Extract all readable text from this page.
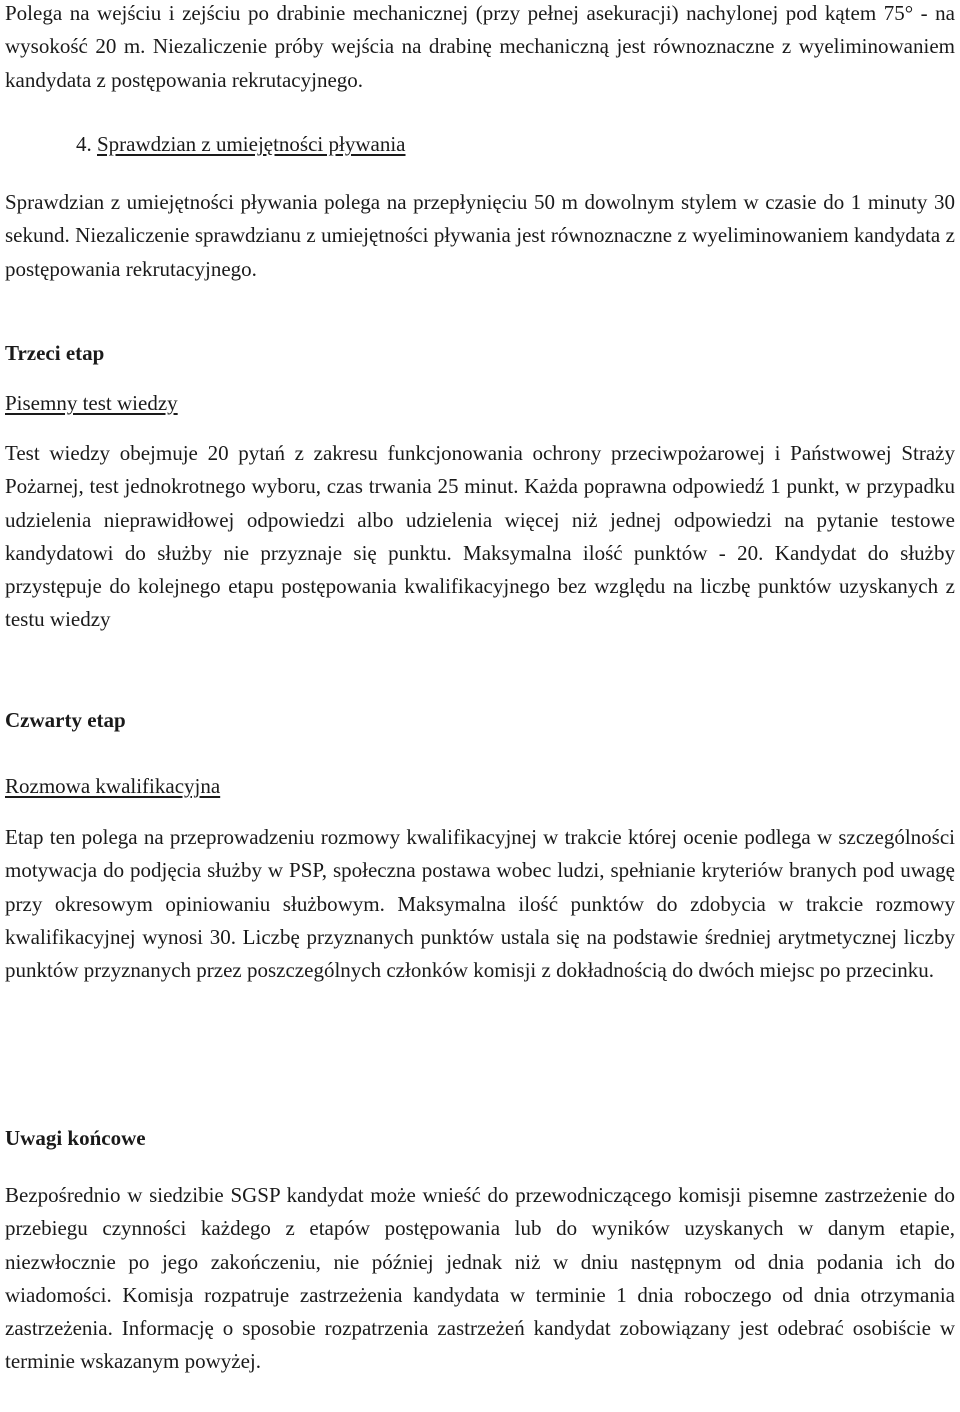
Polega na wejściu i zejściu po drabinie mechanicznej (przy pełnej asekuracji) nachylonej pod kątem 75° - na wysokość 20 m. Niezaliczenie próby wejścia na drabinę mechaniczną jest równoznaczne z wyeliminowaniem kandydata z postępowania rekrutacyjnego.

4. Sprawdzian z umiejętności pływania

Sprawdzian z umiejętności pływania polega na przepłynięciu 50 m dowolnym stylem w czasie do 1 minuty 30 sekund. Niezaliczenie sprawdzianu z umiejętności pływania jest równoznaczne z wyeliminowaniem kandydata z postępowania rekrutacyjnego.

Trzeci etap

Pisemny test wiedzy

Test wiedzy obejmuje 20 pytań z zakresu funkcjonowania ochrony przeciwpożarowej i Państwowej Straży Pożarnej, test jednokrotnego wyboru, czas trwania 25 minut. Każda poprawna odpowiedź 1 punkt, w przypadku udzielenia nieprawidłowej odpowiedzi albo udzielenia więcej niż jednej odpowiedzi na pytanie testowe kandydatowi do służby nie przyznaje się punktu. Maksymalna ilość punktów - 20. Kandydat do służby przystępuje do kolejnego etapu postępowania kwalifikacyjnego bez względu na liczbę punktów uzyskanych z testu wiedzy

Czwarty etap

Rozmowa kwalifikacyjna

Etap ten polega na przeprowadzeniu rozmowy kwalifikacyjnej w trakcie której ocenie podlega w szczególności motywacja do podjęcia służby w PSP, społeczna postawa wobec ludzi, spełnianie kryteriów branych pod uwagę przy okresowym opiniowaniu służbowym. Maksymalna ilość punktów do zdobycia w trakcie rozmowy kwalifikacyjnej wynosi 30. Liczbę przyznanych punktów ustala się na podstawie średniej arytmetycznej liczby punktów przyznanych przez poszczególnych członków komisji z dokładnością do dwóch miejsc po przecinku.

Uwagi końcowe

Bezpośrednio w siedzibie SGSP kandydat może wnieść do przewodniczącego komisji pisemne zastrzeżenie do przebiegu czynności każdego z etapów postępowania lub do wyników uzyskanych w danym etapie, niezwłocznie po jego zakończeniu, nie później jednak niż w dniu następnym od dnia podania ich do wiadomości. Komisja rozpatruje zastrzeżenia kandydata w terminie 1 dnia roboczego od dnia otrzymania zastrzeżenia. Informację o sposobie rozpatrzenia zastrzeżeń kandydat zobowiązany jest odebrać osobiście w terminie wskazanym powyżej.
